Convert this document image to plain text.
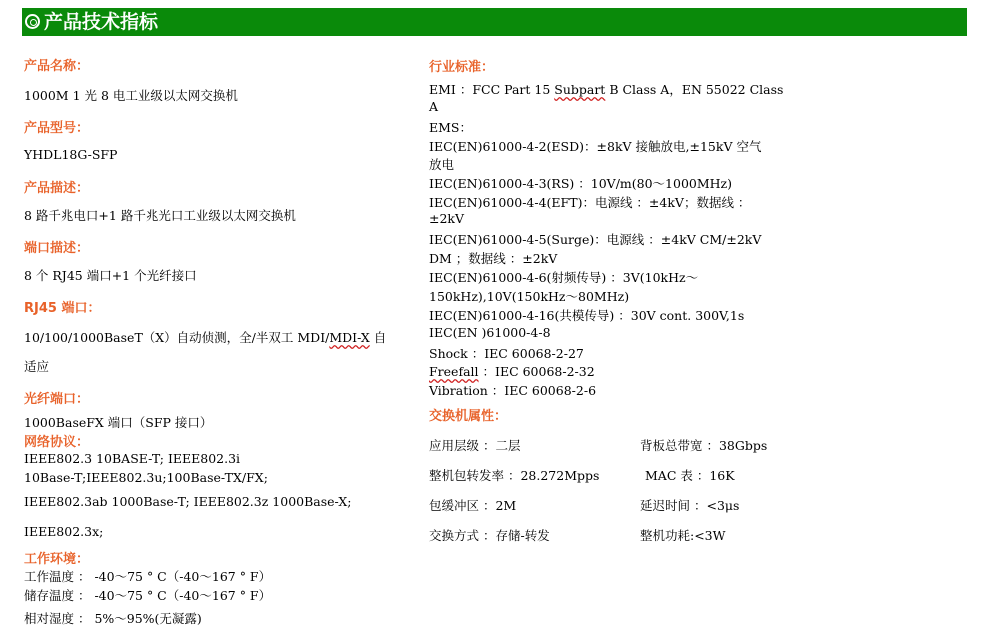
产品技术指标
产品名称：
1000M 1 光 8 电工业级以太网交换机
产品型号：
YHDL18G-SFP
产品描述：
8 路千兆电口+1 路千兆光口工业级以太网交换机
端口描述：
8 个 RJ45 端口+1 个光纤接口
RJ45 端口：
10/100/1000BaseT（X）自动侦测，全/半双工 MDI/MDI-X 自
适应
光纤端口：
1000BaseFX 端口（SFP 接口）
网络协议：
IEEE802.3 10BASE-T; IEEE802.3i
10Base-T;IEEE802.3u;100Base-TX/FX;
IEEE802.3ab 1000Base-T; IEEE802.3z 1000Base-X;
IEEE802.3x;
工作环境：
工作温度 ： -40～75 ° C（-40～167 ° F）
储存温度 ： -40～75 ° C（-40～167 ° F）
相对湿度 ： 5%～95%(无凝露)
行业标准：
EMI ：FCC Part 15 Subpart B Class A，EN 55022 Class
A
EMS：
IEC(EN)61000-4-2(ESD)：±8kV 接触放电,±15kV 空气
放电
IEC(EN)61000-4-3(RS) ：10V/m(80～1000MHz)
IEC(EN)61000-4-4(EFT)：电源线 ：±4kV；数据线 ：
±2kV
IEC(EN)61000-4-5(Surge)：电源线 ：±4kV CM/±2kV
DM ；数据线 ：±2kV
IEC(EN)61000-4-6(射频传导) ：3V(10kHz～
150kHz),10V(150kHz～80MHz)
IEC(EN)61000-4-16(共模传导) ：30V cont. 300V,1s
IEC(EN )61000-4-8
Shock ：IEC 60068-2-27
Freefall ：IEC 60068-2-32
Vibration ：IEC 60068-2-6
交换机属性：
应用层级 ：二层	背板总带宽 ：38Gbps
整机包转发率 ：28.272Mpps	MAC 表 ：16K
包缓冲区 ：2M	延迟时间 ：<3μs
交换方式 ：存储-转发	整机功耗:<3W
